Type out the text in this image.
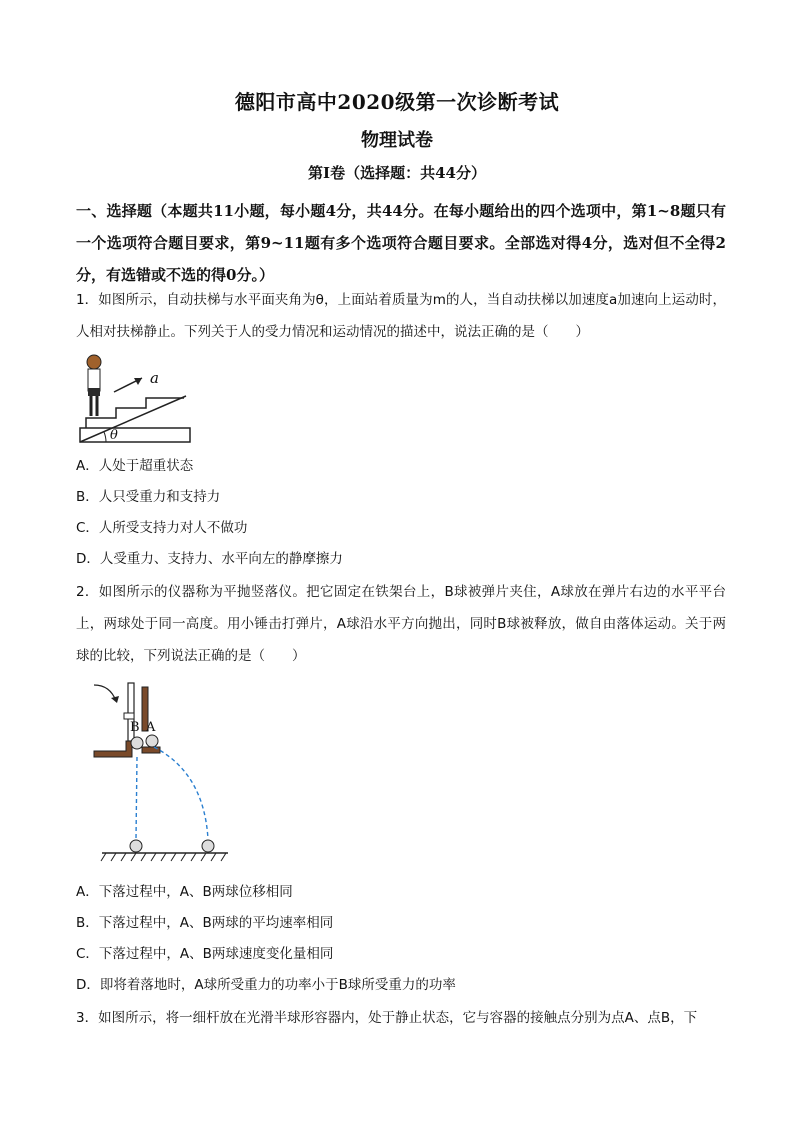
德阳市高中2020级第一次诊断考试
物理试卷
第I卷（选择题：共44分）
一、选择题（本题共11小题，每小题4分，共44分。在每小题给出的四个选项中，第1~8题只有一个选项符合题目要求，第9~11题有多个选项符合题目要求。全部选对得4分，选对但不全得2分，有选错或不选的得0分。）
1．如图所示，自动扶梯与水平面夹角为θ，上面站着质量为m的人，当自动扶梯以加速度a加速向上运动时，人相对扶梯静止。下列关于人的受力情况和运动情况的描述中，说法正确的是（　　）
a
θ
A．人处于超重状态
B．人只受重力和支持力
C．人所受支持力对人不做功
D．人受重力、支持力、水平向左的静摩擦力
2．如图所示的仪器称为平抛竖落仪。把它固定在铁架台上，B球被弹片夹住，A球放在弹片右边的水平平台上，两球处于同一高度。用小锤击打弹片，A球沿水平方向抛出，同时B球被释放，做自由落体运动。关于两球的比较，下列说法正确的是（　　）
B A
A．下落过程中，A、B两球位移相同
B．下落过程中，A、B两球的平均速率相同
C．下落过程中，A、B两球速度变化量相同
D．即将着落地时，A球所受重力的功率小于B球所受重力的功率
3．如图所示，将一细杆放在光滑半球形容器内，处于静止状态，它与容器的接触点分别为点A、点B，下
